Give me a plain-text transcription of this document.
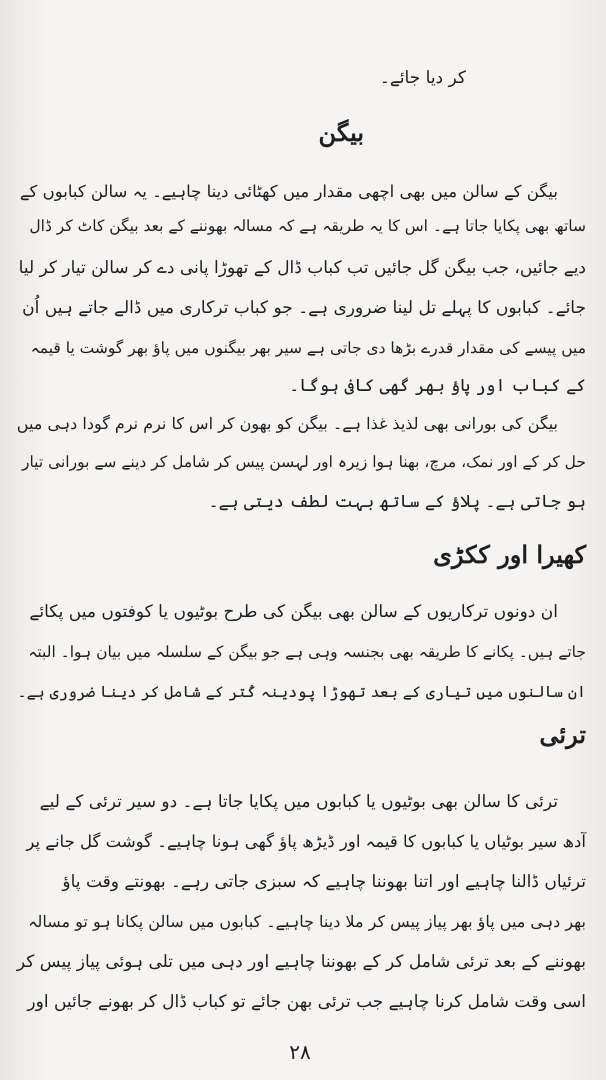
کر دیا جائے۔
بیگن
بیگن کے سالن میں بھی اچھی مقدار میں کھٹائی دینا چاہیے۔ یہ سالن کبابوں کے
ساتھ بھی پکایا جاتا ہے۔ اس کا یہ طریقہ ہے کہ مسالہ بھوننے کے بعد بیگن کاٹ کر ڈال
دیے جائیں، جب بیگن گل جائیں تب کباب ڈال کے تھوڑا پانی دے کر سالن تیار کر لیا
جائے۔ کبابوں کا پہلے تل لینا ضروری ہے۔ جو کباب ترکاری میں ڈالے جاتے ہیں اُن
میں پیسے کی مقدار قدرے بڑھا دی جاتی ہے سیر بھر بیگنوں میں پاؤ بھر گوشت یا قیمہ
کے کباب اور پاؤ بھر گھی کافی ہوگا۔
بیگن کی بورانی بھی لذیذ غذا ہے۔ بیگن کو بھون کر اس کا نرم نرم گودا دہی میں
حل کر کے اور نمک، مرچ، بھنا ہوا زیرہ اور لہسن پیس کر شامل کر دینے سے بورانی تیار
ہو جاتی ہے۔ پلاؤ کے ساتھ بہت لطف دیتی ہے۔
کھیرا اور ککڑی
ان دونوں ترکاریوں کے سالن بھی بیگن کی طرح بوٹیوں یا کوفتوں میں پکائے
جاتے ہیں۔ پکانے کا طریقہ بھی بجنسہ وہی ہے جو بیگن کے سلسلہ میں بیان ہوا۔ البتہ
ان سالنوں میں تیاری کے بعد تھوڑا پودینہ کُتر کے شامل کر دینا ضروری ہے۔
ترئی
ترئی کا سالن بھی بوٹیوں یا کبابوں میں پکایا جاتا ہے۔ دو سیر ترئی کے لیے
آدھ سیر بوٹیاں یا کبابوں کا قیمہ اور ڈیڑھ پاؤ گھی ہونا چاہیے۔ گوشت گل جانے پر
ترئیاں ڈالنا چاہیے اور اتنا بھوننا چاہیے کہ سبزی جاتی رہے۔ بھونتے وقت پاؤ
بھر دہی میں پاؤ بھر پیاز پیس کر ملا دینا چاہیے۔ کبابوں میں سالن پکانا ہو تو مسالہ
بھوننے کے بعد ترئی شامل کر کے بھوننا چاہیے اور دہی میں تلی ہوئی پیاز پیس کر
اسی وقت شامل کرنا چاہیے جب ترئی بھن جائے تو کباب ڈال کر بھونے جائیں اور
۲۸
